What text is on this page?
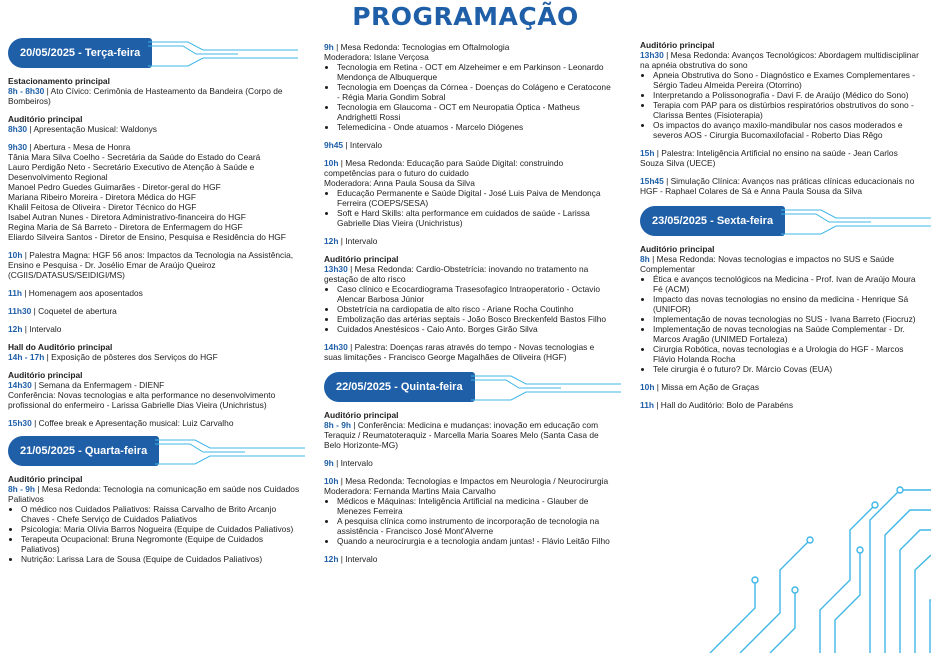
PROGRAMAÇÃO
20/05/2025 - Terça-feira
Estacionamento principal
8h - 8h30 | Ato Cívico: Cerimônia de Hasteamento da Bandeira (Corpo de Bombeiros)
Auditório principal
8h30 | Apresentação Musical: Waldonys
9h30 | Abertura - Mesa de Honra
Tânia Mara Silva Coelho - Secretária da Saúde do Estado do Ceará
Lauro Perdigão Neto - Secretário Executivo de Atenção à Saúde e Desenvolvimento Regional
Manoel Pedro Guedes Guimarães - Diretor-geral do HGF
Mariana Ribeiro Moreira - Diretora Médica do HGF
Khalil Feitosa de Oliveira - Diretor Técnico do HGF
Isabel Autran Nunes - Diretora Administrativo-financeira do HGF
Regina Maria de Sá Barreto - Diretora de Enfermagem do HGF
Eliardo Silveira Santos - Diretor de Ensino, Pesquisa e Residência do HGF
10h | Palestra Magna: HGF 56 anos: Impactos da Tecnologia na Assistência, Ensino e Pesquisa - Dr. Josélio Emar de Araújo Queiroz (CGIIS/DATASUS/SEIDIGI/MS)
11h | Homenagem aos aposentados
11h30 | Coquetel de abertura
12h | Intervalo
Hall do Auditório principal
14h - 17h | Exposição de pôsteres dos Serviços do HGF
Auditório principal
14h30 | Semana da Enfermagem - DIENF
Conferência: Novas tecnologias e alta performance no desenvolvimento profissional do enfermeiro - Larissa Gabrielle Dias Vieira (Unichristus)
15h30 | Coffee break e Apresentação musical: Luiz Carvalho
21/05/2025 - Quarta-feira
Auditório principal
8h - 9h | Mesa Redonda: Tecnologia na comunicação em saúde nos Cuidados Paliativos
• O médico nos Cuidados Paliativos: Raissa Carvalho de Brito Arcanjo Chaves - Chefe Serviço de Cuidados Paliativos
• Psicologia: Maria Olívia Barros Nogueira (Equipe de Cuidados Paliativos)
• Terapeuta Ocupacional: Bruna Negromonte (Equipe de Cuidados Paliativos)
• Nutrição: Larissa Lara de Sousa (Equipe de Cuidados Paliativos)
9h | Mesa Redonda: Tecnologias em Oftalmologia
Moderadora: Islane Verçosa
• Tecnologia em Retina - OCT em Alzeheimer e em Parkinson - Leonardo Mendonça de Albuquerque
• Tecnologia em Doenças da Córnea - Doenças do Colágeno e Ceratocone - Régia Maria Gondim Sobral
• Tecnologia em Glaucoma - OCT em Neuropatia Óptica - Matheus Andrighetti Rossi
• Telemedicina - Onde atuamos - Marcelo Diógenes
9h45 | Intervalo
10h | Mesa Redonda: Educação para Saúde Digital: construindo competências para o futuro do cuidado
Moderadora: Anna Paula Sousa da Silva
• Educação Permanente e Saúde Digital - José Luis Paiva de Mendonça Ferreira (COEPS/SESA)
• Soft e Hard Skills: alta performance em cuidados de saúde - Larissa Gabrielle Dias Vieira (Unichristus)
12h | Intervalo
Auditório principal
13h30 | Mesa Redonda: Cardio-Obstetrícia: inovando no tratamento na gestação de alto risco
• Caso clínico e Ecocardiograma Trasesofagico Intraoperatorio - Octavio Alencar Barbosa Júnior
• Obstetrícia na cardiopatia de alto risco - Ariane Rocha Coutinho
• Embolização das artérias septais - João Bosco Breckenfeld Bastos Filho
• Cuidados Anestésicos - Caio Anto. Borges Girão Silva
14h30 | Palestra: Doenças raras através do tempo - Novas tecnologias e suas limitações - Francisco George Magalhães de Oliveira (HGF)
22/05/2025 - Quinta-feira
Auditório principal
8h - 9h | Conferência: Medicina e mudanças: inovação em educação com Teraquiz / Reumatoteraquiz - Marcella Maria Soares Melo (Santa Casa de Belo Horizonte-MG)
9h | Intervalo
10h | Mesa Redonda: Tecnologias e Impactos em Neurologia / Neurocirurgia
Moderadora: Fernanda Martins Maia Carvalho
• Médicos e Máquinas: Inteligência Artificial na medicina - Glauber de Menezes Ferreira
• A pesquisa clínica como instrumento de incorporação de tecnologia na assistência - Francisco José Mont'Alverne
• Quando a neurocirurgia e a tecnologia andam juntas! - Flávio Leitão Filho
12h | Intervalo
Auditório principal
13h30 | Mesa Redonda: Avanços Tecnológicos: Abordagem multidisciplinar na apnéia obstrutiva do sono
• Apneia Obstrutiva do Sono - Diagnóstico e Exames Complementares - Sérgio Tadeu Almeida Pereira (Otorrino)
• Interpretando a Polissonografia - Davi F. de Araújo (Médico do Sono)
• Terapia com PAP para os distúrbios respiratórios obstrutivos do sono - Clarissa Bentes (Fisioterapia)
• Os impactos do avanço maxilo-mandibular nos casos moderados e severos AOS - Cirurgia Bucomaxilofacial - Roberto Dias Rêgo
15h | Palestra: Inteligência Artificial no ensino na saúde - Jean Carlos Souza Silva (UECE)
15h45 | Simulação Clínica: Avanços nas práticas clínicas educacionais no HGF - Raphael Colares de Sá e Anna Paula Sousa da Silva
23/05/2025 - Sexta-feira
Auditório principal
8h | Mesa Redonda: Novas tecnologias e impactos no SUS e Saúde Complementar
• Ética e avanços tecnológicos na Medicina - Prof. Ivan de Araújo Moura Fé (ACM)
• Impacto das novas tecnologias no ensino da medicina - Henrique Sá (UNIFOR)
• Implementação de novas tecnologias no SUS - Ivana Barreto (Fiocruz)
• Implementação de novas tecnologias na Saúde Complementar - Dr. Marcos Aragão (UNIMED Fortaleza)
• Cirurgia Robótica, novas tecnologias e a Urologia do HGF - Marcos Flávio Holanda Rocha
• Tele cirurgia é o futuro? Dr. Márcio Covas (EUA)
10h | Missa em Ação de Graças
11h | Hall do Auditório: Bolo de Parabéns
